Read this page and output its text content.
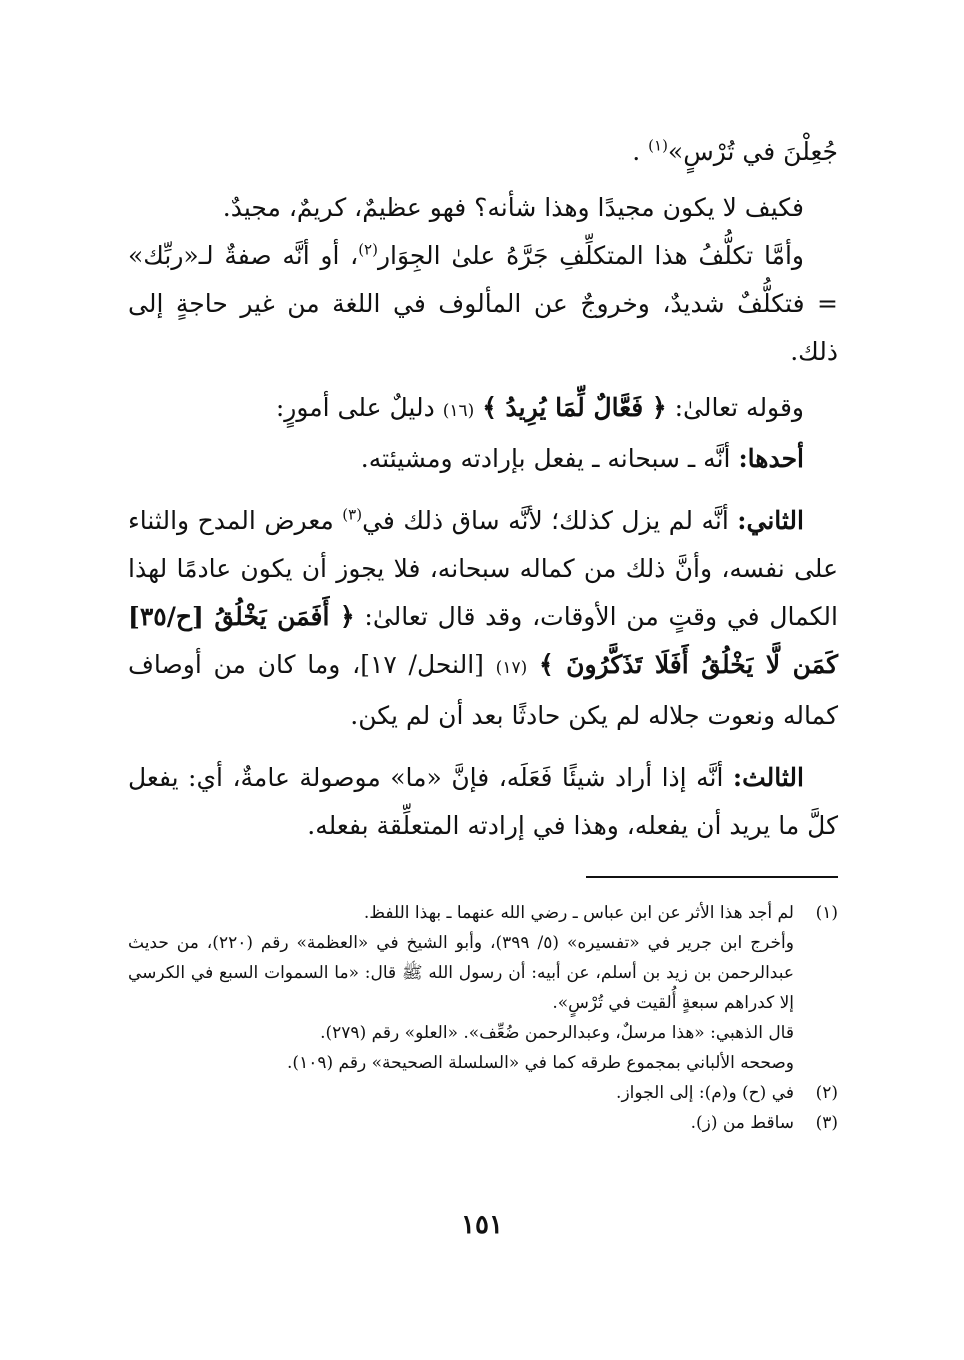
جُعِلْنَ في تُرْسٍ»$^{(١)}$ .

فكيف لا يكون مجيدًا وهذا شأنه؟ فهو عظيمٌ، كريمٌ، مجيدٌ.

وأمَّا تكلُّفُ هذا المتكلِّفِ جَرَّهُ علىٰ الجِوَار$^{(٢)}$، أو أنَّه صفةٌ لـ«ربِّك» = فتكلُّفٌ شديدٌ، وخروجٌ عن المألوف في اللغة من غير حاجةٍ إلى ذلك.

وقوله تعالىٰ: ﴿ فَعَّالٌ لِّمَا يُرِيدُ ﴾ (١٦) دليلٌ على أمورٍ:

أحدها: أنَّه ـ سبحانه ـ يفعل بإرادته ومشيئته.

الثاني: أنَّه لم يزل كذلك؛ لأنَّه ساق ذلك في$^{(٣)}$ معرض المدح والثناء على نفسه، وأنَّ ذلك من كماله سبحانه، فلا يجوز أن يكون عادمًا لهذا الكمال في وقتٍ من الأوقات، وقد قال تعالىٰ: ﴿ أَفَمَن يَخْلُقُ [ح/٣٥] كَمَن لَّا يَخْلُقُ أَفَلَا تَذَكَّرُونَ ﴾ (١٧) [النحل/ ١٧]، وما كان من أوصاف كماله ونعوت جلاله لم يكن حادثًا بعد أن لم يكن.

الثالث: أنَّه إذا أراد شيئًا فَعَلَه، فإنَّ «ما» موصولة عامةٌ، أي: يفعل كلَّ ما يريد أن يفعله، وهذا في إرادته المتعلِّقة بفعله.

(١)
لم أجد هذا الأثر عن ابن عباس ـ رضي الله عنهما ـ بهذا اللفظ.
وأخرج ابن جرير في «تفسيره» (٥/ ٣٩٩)، وأبو الشيخ في «العظمة» رقم (٢٢٠)، من حديث عبدالرحمن بن زيد بن أسلم، عن أبيه: أن رسول الله ﷺ قال: «ما السموات السبع في الكرسي إلا كدراهم سبعةٍ أُلقيت في تُرْسٍ».
قال الذهبي: «هذا مرسلٌ، وعبدالرحمن ضُعِّف». «العلو» رقم (٢٧٩).
وصححه الألباني بمجموع طرقه كما في «السلسلة الصحيحة» رقم (١٠٩).
(٢)
في (ح) و(م): إلى الجواز.
(٣)
ساقط من (ز).
١٥١
